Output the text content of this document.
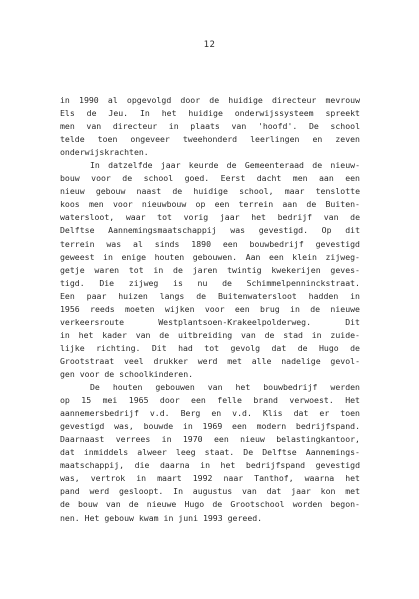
12
in 1990 al opgevolgd door de huidige directeur mevrouw
Els de Jeu. In het huidige onderwijssysteem spreekt
men van directeur in plaats van 'hoofd'. De school
telde toen ongeveer tweehonderd leerlingen en zeven
onderwijskrachten.
In datzelfde jaar keurde de Gemeenteraad de nieuw-
bouw voor de school goed. Eerst dacht men aan een
nieuw gebouw naast de huidige school, maar tenslotte
koos men voor nieuwbouw op een terrein aan de Buiten-
watersloot, waar tot vorig jaar het bedrijf van de
Delftse Aannemingsmaatschappij was gevestigd. Op dit
terrein was al sinds 1890 een bouwbedrijf gevestigd
geweest in enige houten gebouwen. Aan een klein zijweg-
getje waren tot in de jaren twintig kwekerijen geves-
tigd. Die zijweg is nu de Schimmelpenninckstraat.
Een paar huizen langs de Buitenwatersloot hadden in
1956 reeds moeten wijken voor een brug in de nieuwe
verkeersroute Westplantsoen-Krakeelpolderweg. Dit
in het kader van de uitbreiding van de stad in zuide-
lijke richting. Dit had tot gevolg dat de Hugo de
Grootstraat veel drukker werd met alle nadelige gevol-
gen voor de schoolkinderen.
De houten gebouwen van het bouwbedrijf werden
op 15 mei 1965 door een felle brand verwoest. Het
aannemersbedrijf v.d. Berg en v.d. Klis dat er toen
gevestigd was, bouwde in 1969 een modern bedrijfspand.
Daarnaast verrees in 1970 een nieuw belastingkantoor,
dat inmiddels alweer leeg staat. De Delftse Aannemings-
maatschappij, die daarna in het bedrijfspand gevestigd
was, vertrok in maart 1992 naar Tanthof, waarna het
pand werd gesloopt. In augustus van dat jaar kon met
de bouw van de nieuwe Hugo de Grootschool worden begon-
nen. Het gebouw kwam in juni 1993 gereed.
